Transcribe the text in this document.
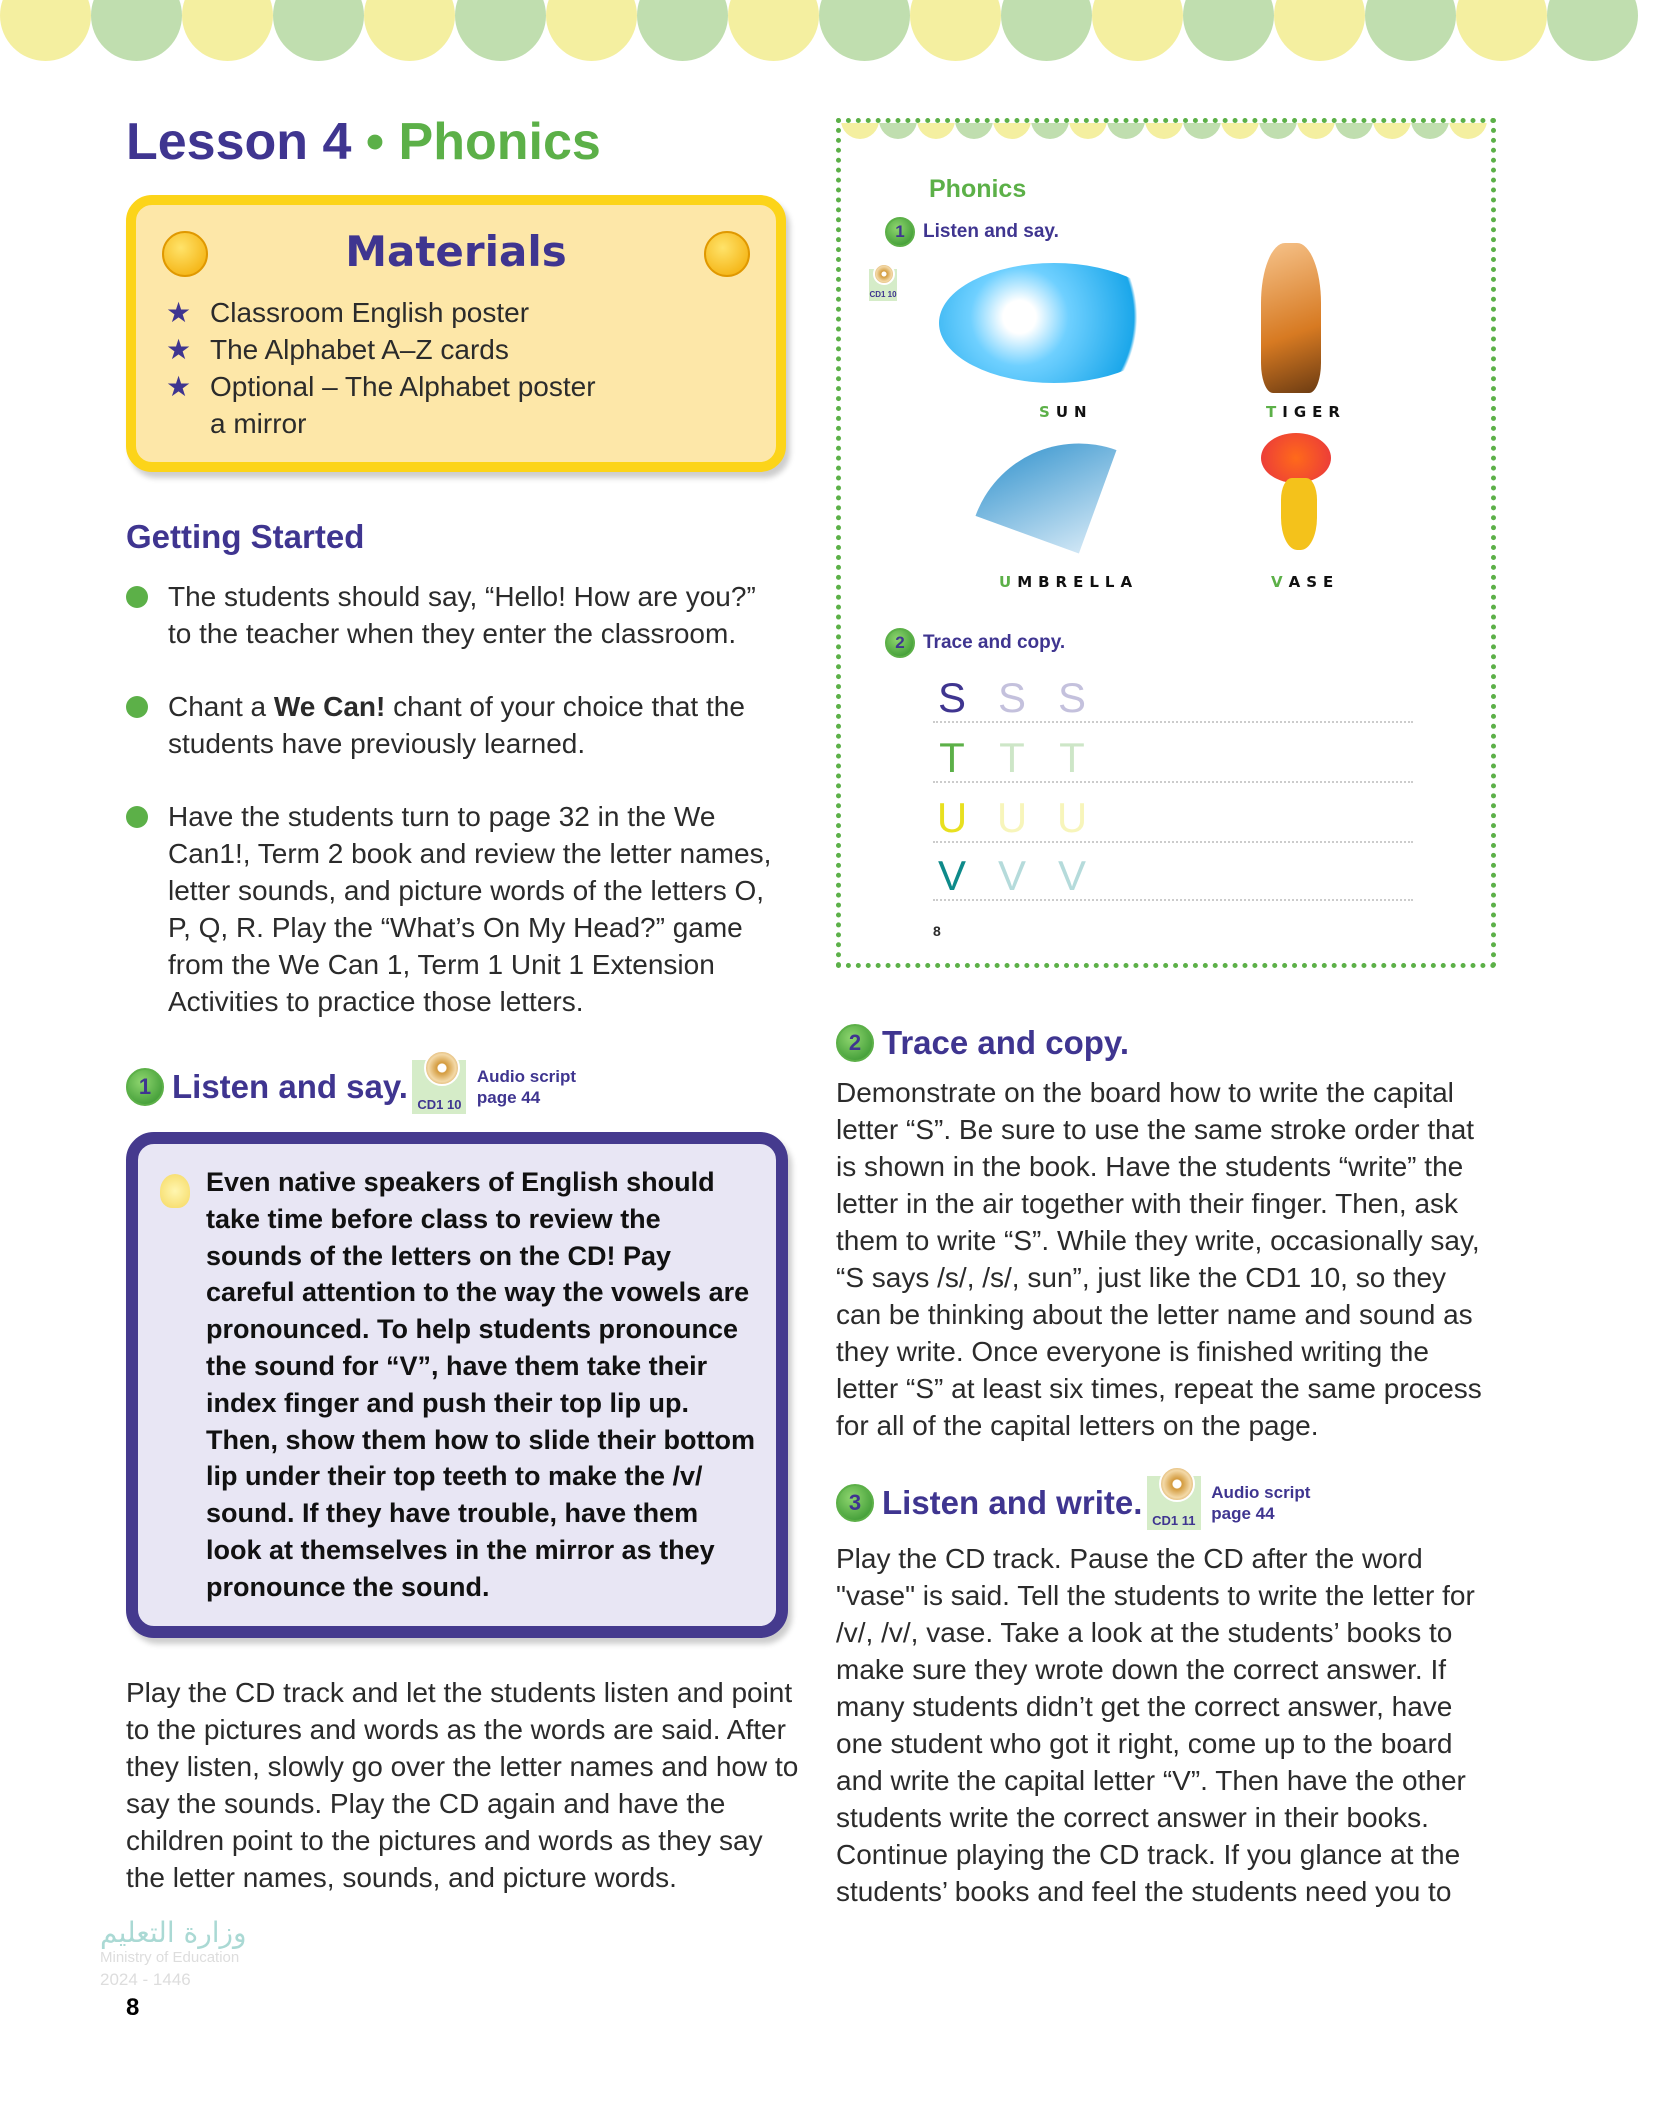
Lesson 4 • Phonics
Materials
★ Classroom English poster
★ The Alphabet A–Z cards
★ Optional – The Alphabet poster
a mirror
Getting Started
The students should say, “Hello! How are you?” to the teacher when they enter the classroom.
Chant a We Can! chant of your choice that the students have previously learned.
Have the students turn to page 32 in the We Can1!, Term 2 book and review the letter names, letter sounds, and picture words of the letters O, P, Q, R. Play the “What’s On My Head?” game from the We Can 1, Term 1 Unit 1 Extension Activities to practice those letters.
1 Listen and say. CD1 10
Audio script
page 44
Even native speakers of English should take time before class to review the sounds of the letters on the CD! Pay careful attention to the way the vowels are pronounced. To help students pronounce the sound for “V”, have them take their index finger and push their top lip up. Then, show them how to slide their bottom lip under their top teeth to make the /v/ sound. If they have trouble, have them look at themselves in the mirror as they pronounce the sound.
Play the CD track and let the students listen and point to the pictures and words as the words are said. After they listen, slowly go over the letter names and how to say the sounds. Play the CD again and have the children point to the pictures and words as they say the letter names, sounds, and picture words.
وزارة التعليم
Ministry of Education
2024 - 1446
8
Phonics
1 Listen and say.
CD1 10
SUN	TIGER
UMBRELLA	VASE
2 Trace and copy.
S S S S S
T T T T T
U U U U U
V V V V V
8
2 Trace and copy.
Demonstrate on the board how to write the capital letter “S”. Be sure to use the same stroke order that is shown in the book. Have the students “write” the letter in the air together with their finger. Then, ask them to write “S”. While they write, occasionally say, “S says /s/, /s/, sun”, just like the CD1 10, so they can be thinking about the letter name and sound as they write. Once everyone is finished writing the letter “S” at least six times, repeat the same process for all of the capital letters on the page.
3 Listen and write. CD1 11
Audio script
page 44
Play the CD track. Pause the CD after the word "vase" is said. Tell the students to write the letter for /v/, /v/, vase. Take a look at the students’ books to make sure they wrote down the correct answer. If many students didn’t get the correct answer, have one student who got it right, come up to the board and write the capital letter “V”. Then have the other students write the correct answer in their books. Continue playing the CD track. If you glance at the students’ books and feel the students need you to
